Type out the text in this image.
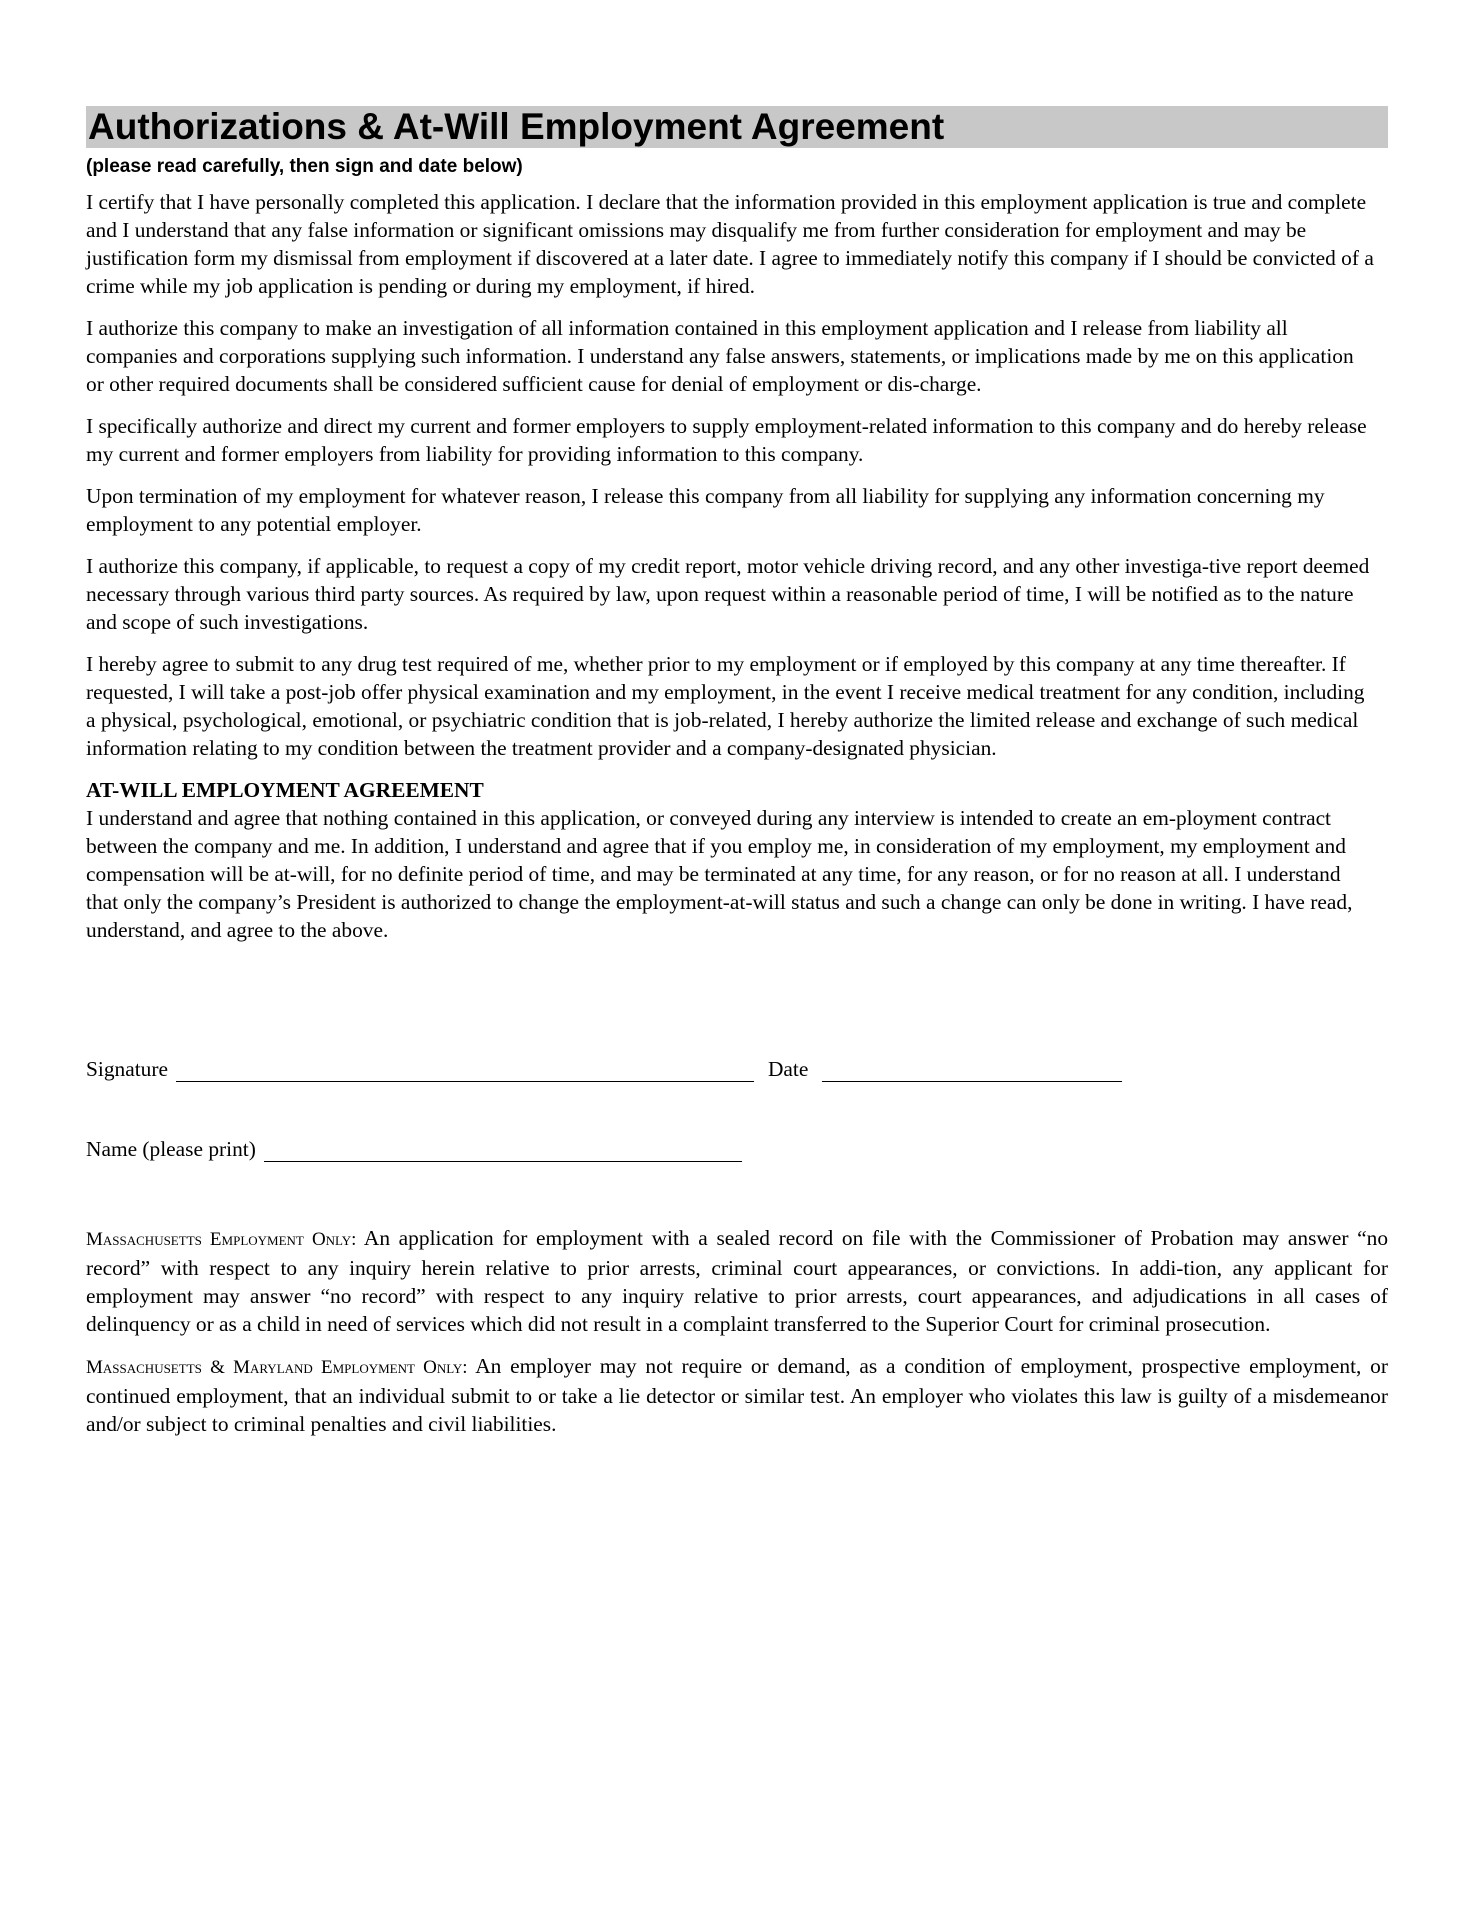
Authorizations & At-Will Employment Agreement
(please read carefully, then sign and date below)

I certify that I have personally completed this application. I declare that the information provided in this employment application is true and complete and I understand that any false information or significant omissions may disqualify me from further consideration for employment and may be justification form my dismissal from employment if discovered at a later date. I agree to immediately notify this company if I should be convicted of a crime while my job application is pending or during my employment, if hired.

I authorize this company to make an investigation of all information contained in this employment application and I release from liability all companies and corporations supplying such information. I understand any false answers, statements, or implications made by me on this application or other required documents shall be considered sufficient cause for denial of employment or dis-charge.

I specifically authorize and direct my current and former employers to supply employment-related information to this company and do hereby release my current and former employers from liability for providing information to this company.

Upon termination of my employment for whatever reason, I release this company from all liability for supplying any information concerning my employment to any potential employer.

I authorize this company, if applicable, to request a copy of my credit report, motor vehicle driving record, and any other investiga-tive report deemed necessary through various third party sources. As required by law, upon request within a reasonable period of time, I will be notified as to the nature and scope of such investigations.

I hereby agree to submit to any drug test required of me, whether prior to my employment or if employed by this company at any time thereafter. If requested, I will take a post-job offer physical examination and my employment, in the event I receive medical treatment for any condition, including a physical, psychological, emotional, or psychiatric condition that is job-related, I hereby authorize the limited release and exchange of such medical information relating to my condition between the treatment provider and a company-designated physician.

AT-WILL EMPLOYMENT AGREEMENT

I understand and agree that nothing contained in this application, or conveyed during any interview is intended to create an em-ployment contract between the company and me. In addition, I understand and agree that if you employ me, in consideration of my employment, my employment and compensation will be at-will, for no definite period of time, and may be terminated at any time, for any reason, or for no reason at all. I understand that only the company’s President is authorized to change the employment-at-will status and such a change can only be done in writing. I have read, understand, and agree to the above.

Signature	Date
Name (please print)

Massachusetts Employment Only: An application for employment with a sealed record on file with the Commissioner of Probation may answer “no record” with respect to any inquiry herein relative to prior arrests, criminal court appearances, or convictions. In addi-tion, any applicant for employment may answer “no record” with respect to any inquiry relative to prior arrests, court appearances, and adjudications in all cases of delinquency or as a child in need of services which did not result in a complaint transferred to the Superior Court for criminal prosecution.

Massachusetts & Maryland Employment Only: An employer may not require or demand, as a condition of employment, prospective employment, or continued employment, that an individual submit to or take a lie detector or similar test. An employer who violates this law is guilty of a misdemeanor and/or subject to criminal penalties and civil liabilities.
